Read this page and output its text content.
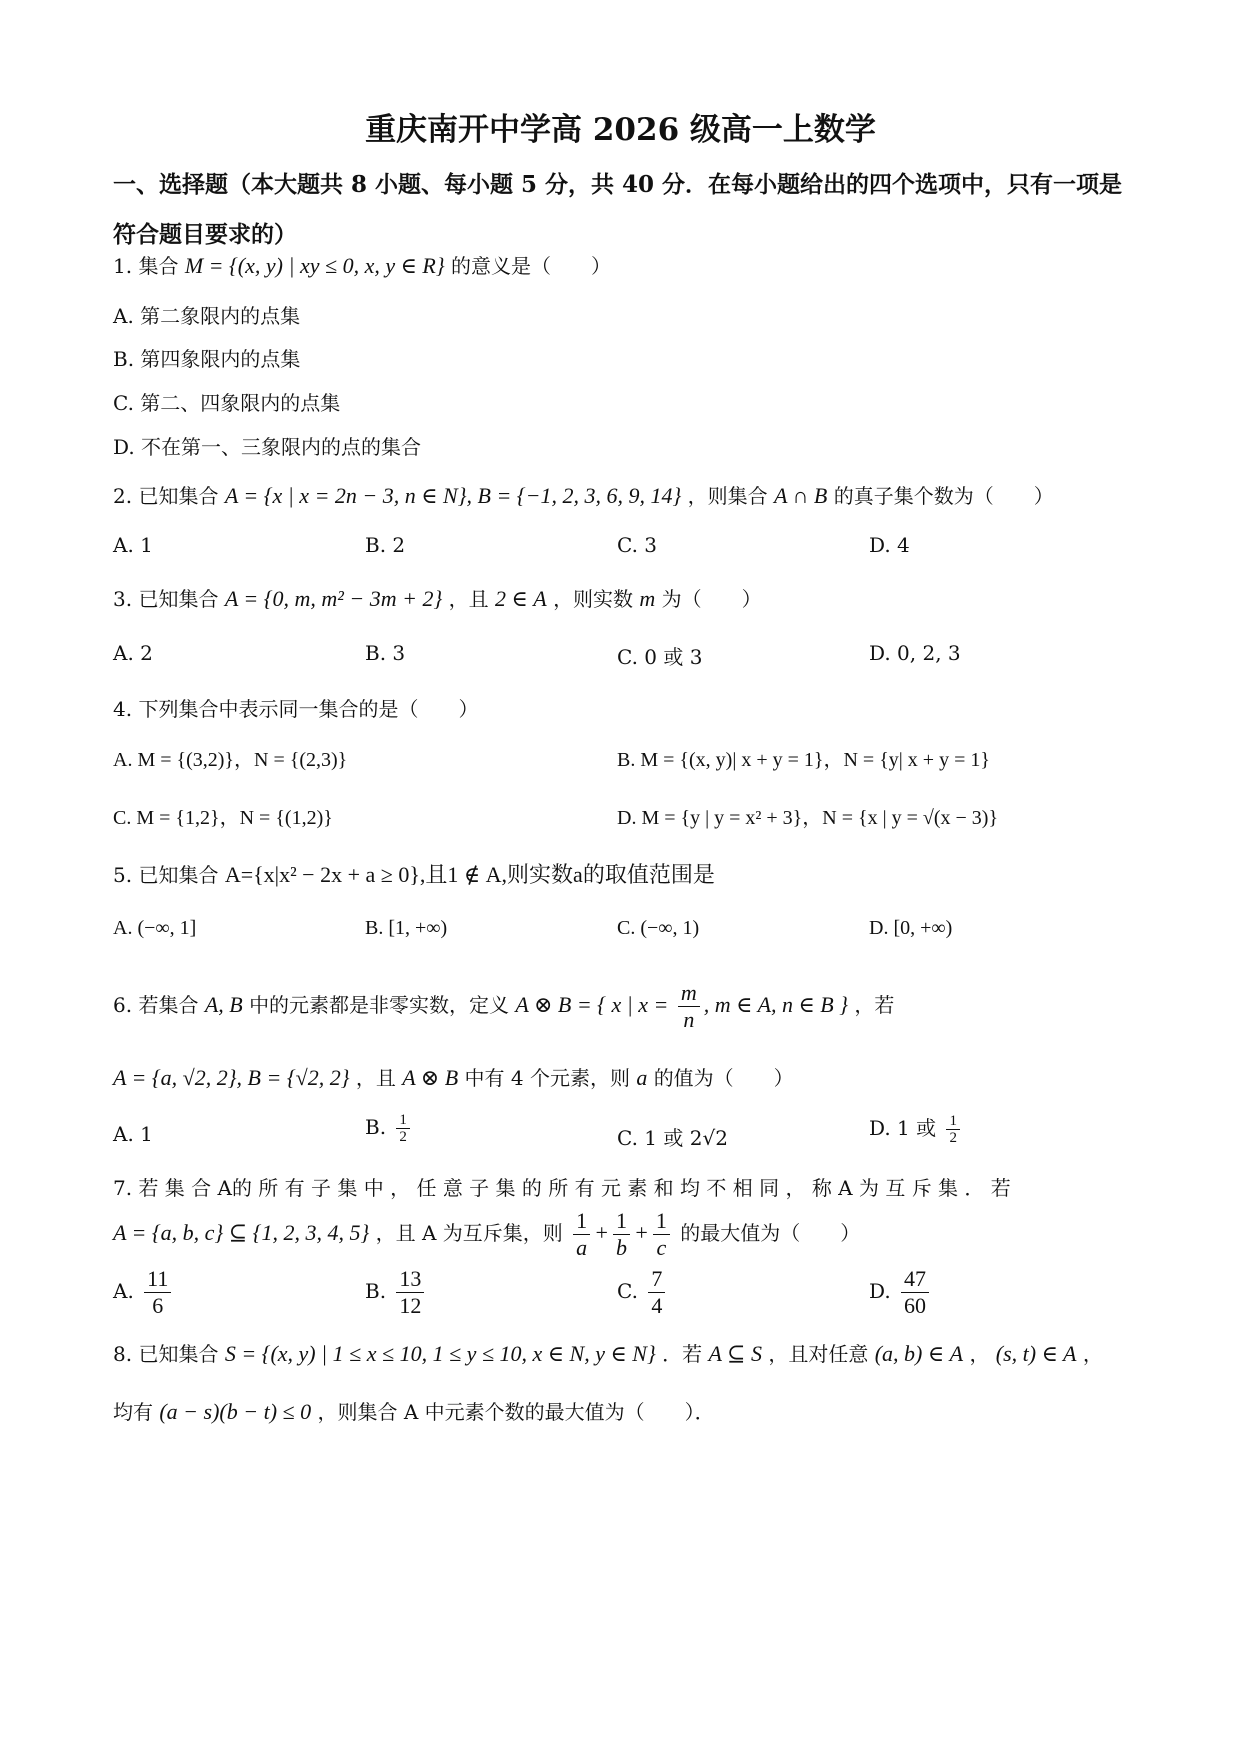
重庆南开中学高 2026 级高一上数学
一、选择题（本大题共 8 小题、每小题 5 分，共 40 分．在每小题给出的四个选项中，只有一项是符合题目要求的）
1. 集合 M = {(x, y) | xy ≤ 0, x, y ∈ R} 的意义是（　　）
A. 第二象限内的点集
B. 第四象限内的点集
C. 第二、四象限内的点集
D. 不在第一、三象限内的点的集合
2. 已知集合 A = {x | x = 2n − 3, n ∈ N}, B = {−1, 2, 3, 6, 9, 14} ，则集合 A ∩ B 的真子集个数为（　　）
A. 1	B. 2	C. 3	D. 4
3. 已知集合 A = {0, m, m² − 3m + 2} ，且 2 ∈ A ，则实数 m 为（　　）
A. 2	B. 3	C. 0 或 3	D. 0, 2, 3
4. 下列集合中表示同一集合的是（　　）
A. M = {(3,2)}，N = {(2,3)}	B. M = {(x, y)| x + y = 1}，N = {y| x + y = 1}
C. M = {1,2}，N = {(1,2)}	D. M = {y | y = x² + 3}，N = {x | y = √(x − 3)}
5. 已知集合 A={x|x² − 2x + a ≥ 0},且1 ∉ A,则实数a的取值范围是
A. (−∞, 1]	B. [1, +∞)	C. (−∞, 1)	D. [0, +∞)
6. 若集合 A, B 中的元素都是非零实数，定义 A ⊗ B = { x | $x = \frac{m}{n}$ , m ∈ A, n ∈ B } ，若
A = {a, √2, 2}, B = {√2, 2} ，且 A ⊗ B 中有 4 个元素，则 a 的值为（　　）
A. 1	B. $\frac{1}{2}$	C. 1 或 2√2	D. 1 或 $\frac{1}{2}$
7. 若 集 合 A的 所 有 子 集 中 ， 任 意 子 集 的 所 有 元 素 和 均 不 相 同 ， 称 A 为 互 斥 集 ． 若
A = {a, b, c} ⊆ {1, 2, 3, 4, 5} ，且 A 为互斥集，则 $\frac{1}{a} + \frac{1}{b} + \frac{1}{c}$ 的最大值为（　　）
A. $\frac{11}{6}$	B. $\frac{13}{12}$	C. $\frac{7}{4}$	D. $\frac{47}{60}$
8. 已知集合 S = {(x, y) | 1 ≤ x ≤ 10, 1 ≤ y ≤ 10, x ∈ N, y ∈ N} ．若 A ⊆ S ，且对任意 (a, b) ∈ A ， (s, t) ∈ A ，
均有 (a − s)(b − t) ≤ 0 ，则集合 A 中元素个数的最大值为（　　）．
